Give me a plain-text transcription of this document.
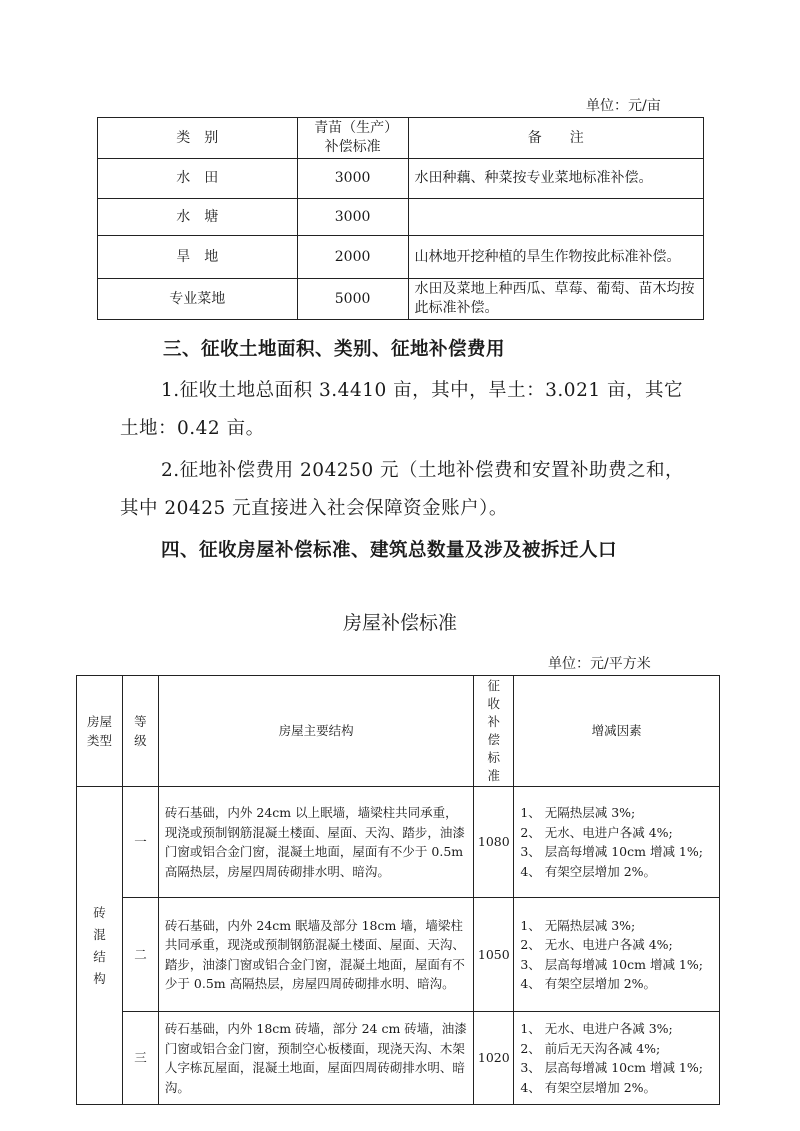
单位：元/亩
类　别	青苗（生产）补偿标准	备　　注
水　田	3000	水田种藕、种菜按专业菜地标准补偿。
水　塘	3000	
旱　地	2000	山林地开挖种植的旱生作物按此标准补偿。
专业菜地	5000	水田及菜地上种西瓜、草莓、葡萄、苗木均按此标准补偿。
三、征收土地面积、类别、征地补偿费用
1.征收土地总面积 3.4410 亩，其中，旱土：3.021 亩，其它土地：0.42 亩。
2.征地补偿费用 204250 元（土地补偿费和安置补助费之和，其中 20425 元直接进入社会保障资金账户）。
四、征收房屋补偿标准、建筑总数量及涉及被拆迁人口
房屋补偿标准
单位：元/平方米
房屋类型	等级	房屋主要结构	征收补偿标准	增减因素
砖混结构	一	砖石基础，内外 24cm 以上眠墙，墙梁柱共同承重，现浇或预制钢筋混凝土楼面、屋面、天沟、踏步，油漆门窗或铝合金门窗，混凝土地面，屋面有不少于 0.5m 高隔热层，房屋四周砖砌排水明、暗沟。	1080	1、 无隔热层减 3%;
2、 无水、电进户各减 4%;
3、 层高每增减 10cm 增减 1%;
4、 有架空层增加 2%。

	二	砖石基础，内外 24cm 眠墙及部分 18cm 墙，墙梁柱共同承重，现浇或预制钢筋混凝土楼面、屋面、天沟、踏步，油漆门窗或铝合金门窗，混凝土地面，屋面有不少于 0.5m 高隔热层，房屋四周砖砌排水明、暗沟。	1050	1、 无隔热层减 3%;
2、 无水、电进户各减 4%;
3、 层高每增减 10cm 增减 1%;
4、 有架空层增加 2%。

	三	砖石基础，内外 18cm 砖墙，部分 24 cm 砖墙，油漆门窗或铝合金门窗，预制空心板楼面，现浇天沟、木架人字栋瓦屋面，混凝土地面，屋面四周砖砌排水明、暗沟。	1020	1、 无水、电进户各减 3%;
2、 前后无天沟各减 4%;
3、 层高每增减 10cm 增减 1%;
4、 有架空层增加 2%。
